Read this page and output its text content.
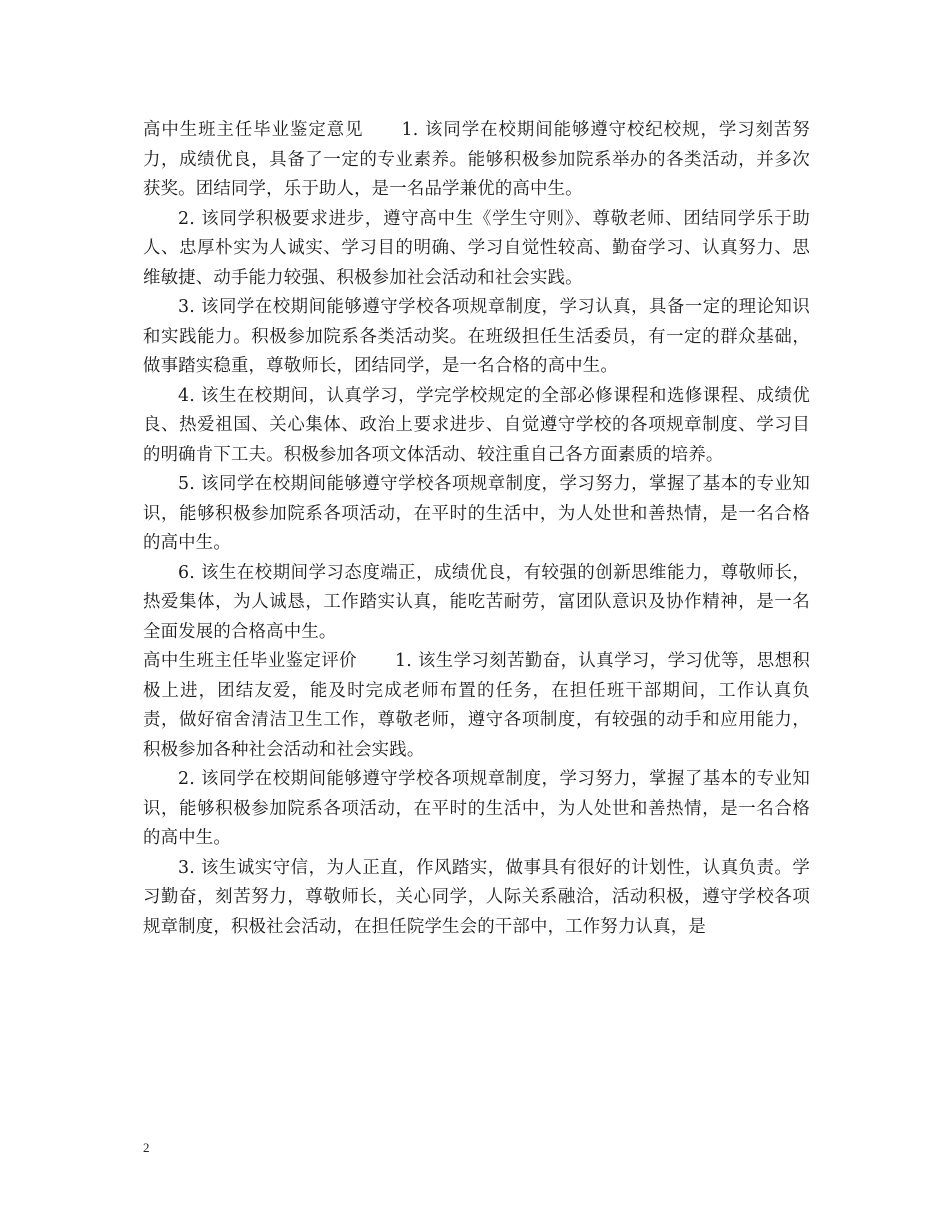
高中生班主任毕业鉴定意见 1. 该同学在校期间能够遵守校纪校规，学习刻苦努力，成绩优良，具备了一定的专业素养。能够积极参加院系举办的各类活动，并多次获奖。团结同学，乐于助人，是一名品学兼优的高中生。

2. 该同学积极要求进步，遵守高中生《学生守则》、尊敬老师、团结同学乐于助人、忠厚朴实为人诚实、学习目的明确、学习自觉性较高、勤奋学习、认真努力、思维敏捷、动手能力较强、积极参加社会活动和社会实践。

3. 该同学在校期间能够遵守学校各项规章制度，学习认真，具备一定的理论知识和实践能力。积极参加院系各类活动奖。在班级担任生活委员，有一定的群众基础，做事踏实稳重，尊敬师长，团结同学，是一名合格的高中生。

4. 该生在校期间，认真学习，学完学校规定的全部必修课程和选修课程、成绩优良、热爱祖国、关心集体、政治上要求进步、自觉遵守学校的各项规章制度、学习目的明确肯下工夫。积极参加各项文体活动、较注重自己各方面素质的培养。

5. 该同学在校期间能够遵守学校各项规章制度，学习努力，掌握了基本的专业知识，能够积极参加院系各项活动，在平时的生活中，为人处世和善热情，是一名合格的高中生。

6. 该生在校期间学习态度端正，成绩优良，有较强的创新思维能力，尊敬师长，热爱集体，为人诚恳，工作踏实认真，能吃苦耐劳，富团队意识及协作精神，是一名全面发展的合格高中生。

高中生班主任毕业鉴定评价 1. 该生学习刻苦勤奋，认真学习，学习优等，思想积极上进，团结友爱，能及时完成老师布置的任务，在担任班干部期间，工作认真负责，做好宿舍清洁卫生工作，尊敬老师，遵守各项制度，有较强的动手和应用能力，积极参加各种社会活动和社会实践。

2. 该同学在校期间能够遵守学校各项规章制度，学习努力，掌握了基本的专业知识，能够积极参加院系各项活动，在平时的生活中，为人处世和善热情，是一名合格的高中生。

3. 该生诚实守信，为人正直，作风踏实，做事具有很好的计划性，认真负责。学习勤奋，刻苦努力，尊敬师长，关心同学，人际关系融洽，活动积极，遵守学校各项规章制度，积极社会活动，在担任院学生会的干部中，工作努力认真，是

2
